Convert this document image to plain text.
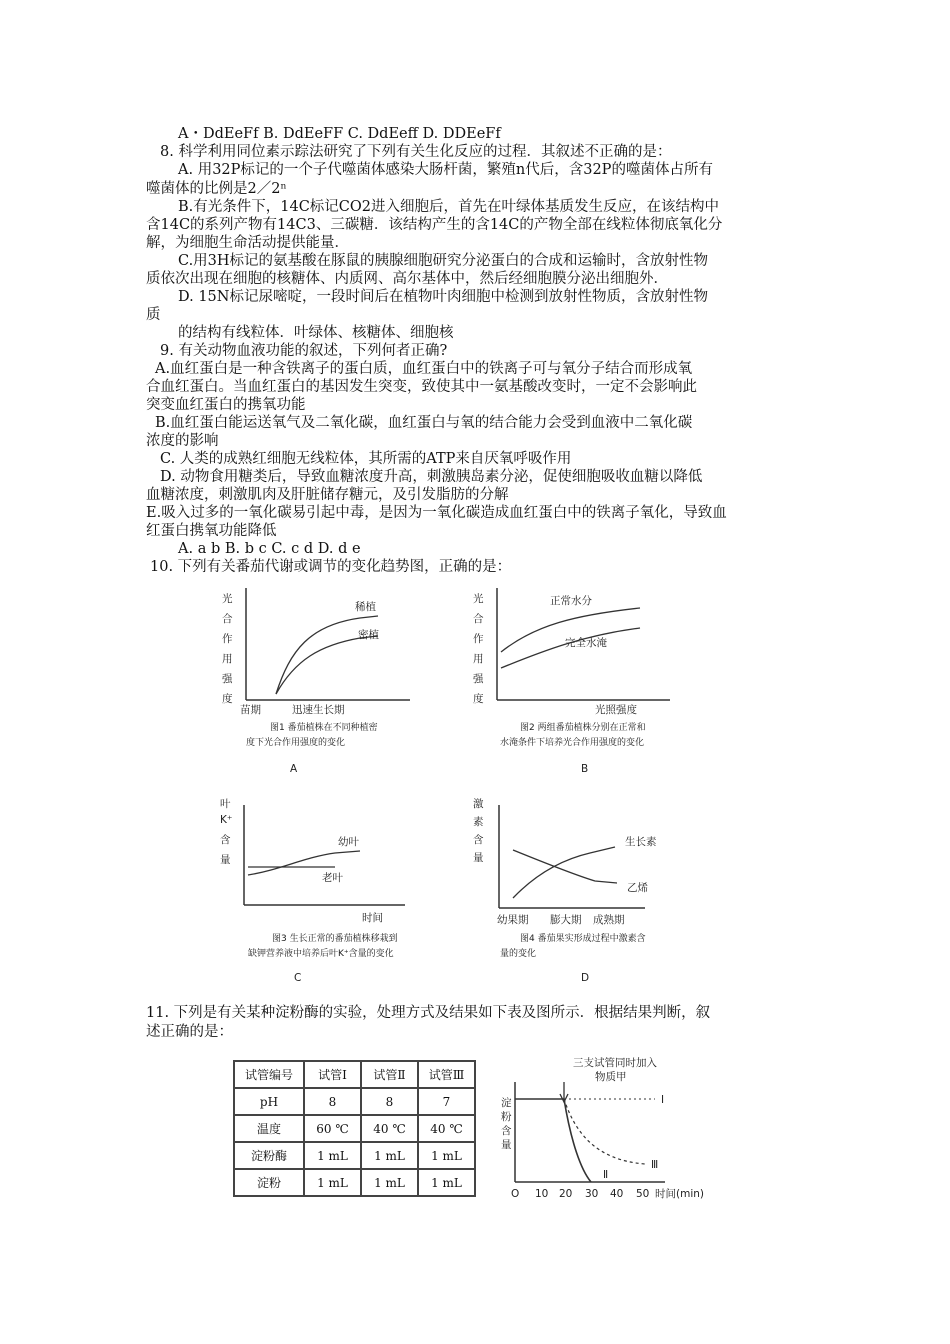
A・DdEeFf B. DdEeFF C. DdEeff D. DDEeFf
8. 科学利用同位素示踪法研究了下列有关生化反应的过程．其叙述不正确的是：
A. 用32P标记的一个子代噬菌体感染大肠杆菌，繁殖n代后，含32P的噬菌体占所有
噬菌体的比例是2／2ⁿ
B.有光条件下，14C标记CO2进入细胞后，首先在叶绿体基质发生反应，在该结构中
含14C的系列产物有14C3、三碳糖．该结构产生的含14C的产物全部在线粒体彻底氧化分
解，为细胞生命活动提供能量．
C.用3H标记的氨基酸在豚鼠的胰腺细胞研究分泌蛋白的合成和运输时，含放射性物
质依次出现在细胞的核糖体、内质网、高尔基体中，然后经细胞膜分泌出细胞外．
D. 15N标记尿嘧啶，一段时间后在植物叶肉细胞中检测到放射性物质，含放射性物
质
的结构有线粒体．叶绿体、核糖体、细胞核
9. 有关动物血液功能的叙述，下列何者正确?
A.血红蛋白是一种含铁离子的蛋白质，血红蛋白中的铁离子可与氧分子结合而形成氧
合血红蛋白。当血红蛋白的基因发生突变，致使其中一氨基酸改变时，一定不会影响此
突变血红蛋白的携氧功能
B.血红蛋白能运送氧气及二氧化碳，血红蛋白与氧的结合能力会受到血液中二氧化碳
浓度的影响
C. 人类的成熟红细胞无线粒体，其所需的ATP来自厌氧呼吸作用
D. 动物食用糖类后，导致血糖浓度升高，刺激胰岛素分泌，促使细胞吸收血糖以降低
血糖浓度，刺激肌肉及肝脏储存糖元，及引发脂肪的分解
E.吸入过多的一氧化碳易引起中毒，是因为一氧化碳造成血红蛋白中的铁离子氧化，导致血
红蛋白携氧功能降低
A. a b B. b c C. c d D. d e
10. 下列有关番茄代谢或调节的变化趋势图，正确的是：
11. 下列是有关某种淀粉酶的实验，处理方式及结果如下表及图所示．根据结果判断，叙
述正确的是：
光
合
作
用
强
度
稀植
密植
苗期	迅速生长期
图1 番茄植株在不同种植密
度下光合作用强度的变化
A
光
合
作
用
强
度
正常水分
完全水淹
光照强度
图2 两组番茄植株分别在正常和
水淹条件下培养光合作用强度的变化
B
叶
K⁺
含
量
幼叶
老叶
时间
图3 生长正常的番茄植株移栽到
缺钾营养液中培养后叶K⁺含量的变化
C
激
素
含
量
生长素
乙烯
幼果期 膨大期 成熟期
图4 番茄果实形成过程中激素含
量的变化
D
试管编号	试管Ⅰ	试管Ⅱ	试管Ⅲ
pH	8	8	7
温度	60 ℃	40 ℃	40 ℃
淀粉酶	1 mL	1 mL	1 mL
淀粉	1 mL	1 mL	1 mL
三支试管同时加入
物质甲
淀
粉
含
量
Ⅰ
Ⅱ
Ⅲ
O 10 20 30 40 50 时间(min)
